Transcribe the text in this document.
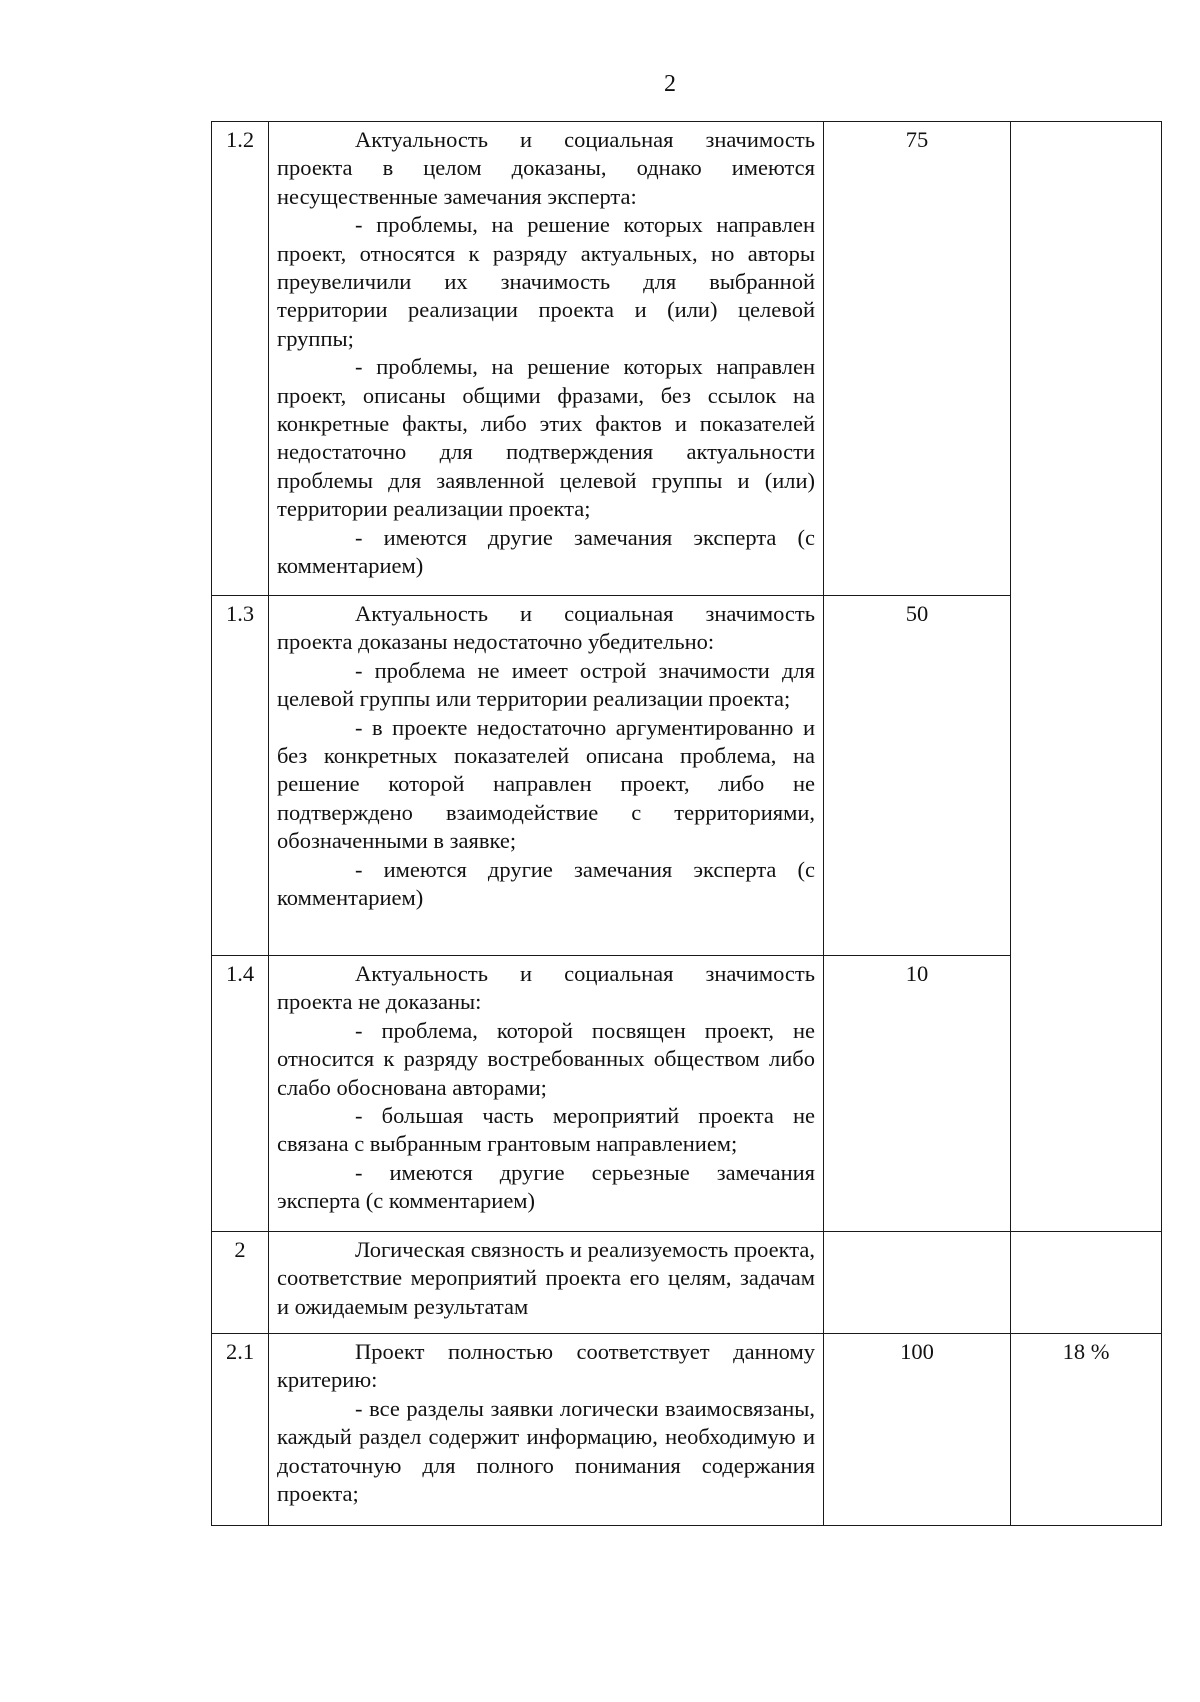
2
1.2	Актуальность и социальная значимость проекта в целом доказаны, однако имеются несущественные замечания эксперта:

- проблемы, на решение которых направлен проект, относятся к разряду актуальных, но авторы преувеличили их значимость для выбранной территории реализации проекта и (или) целевой группы;

- проблемы, на решение которых направлен проект, описаны общими фразами, без ссылок на конкретные факты, либо этих фактов и показателей недостаточно для подтверждения актуальности проблемы для заявленной целевой группы и (или) территории реализации проекта;

- имеются другие замечания эксперта (с комментарием)	75	
1.3	Актуальность и социальная значимость проекта доказаны недостаточно убедительно:

- проблема не имеет острой значимости для целевой группы или территории реализации проекта;

- в проекте недостаточно аргументированно и без конкретных показателей описана проблема, на решение которой направлен проект, либо не подтверждено взаимодействие с территориями, обозначенными в заявке;

- имеются другие замечания эксперта (с комментарием)	50	
1.4	Актуальность и социальная значимость проекта не доказаны:

- проблема, которой посвящен проект, не относится к разряду востребованных обществом либо слабо обоснована авторами;

- большая часть мероприятий проекта не связана с выбранным грантовым направлением;

- имеются другие серьезные замечания эксперта (с комментарием)	10	
2	Логическая связность и реализуемость проекта, соответствие мероприятий проекта его целям, задачам и ожидаемым результатам		

2.1	Проект полностью соответствует данному критерию:

- все разделы заявки логически взаимосвязаны, каждый раздел содержит информацию, необходимую и достаточную для полного понимания содержания проекта;	100	18 %
